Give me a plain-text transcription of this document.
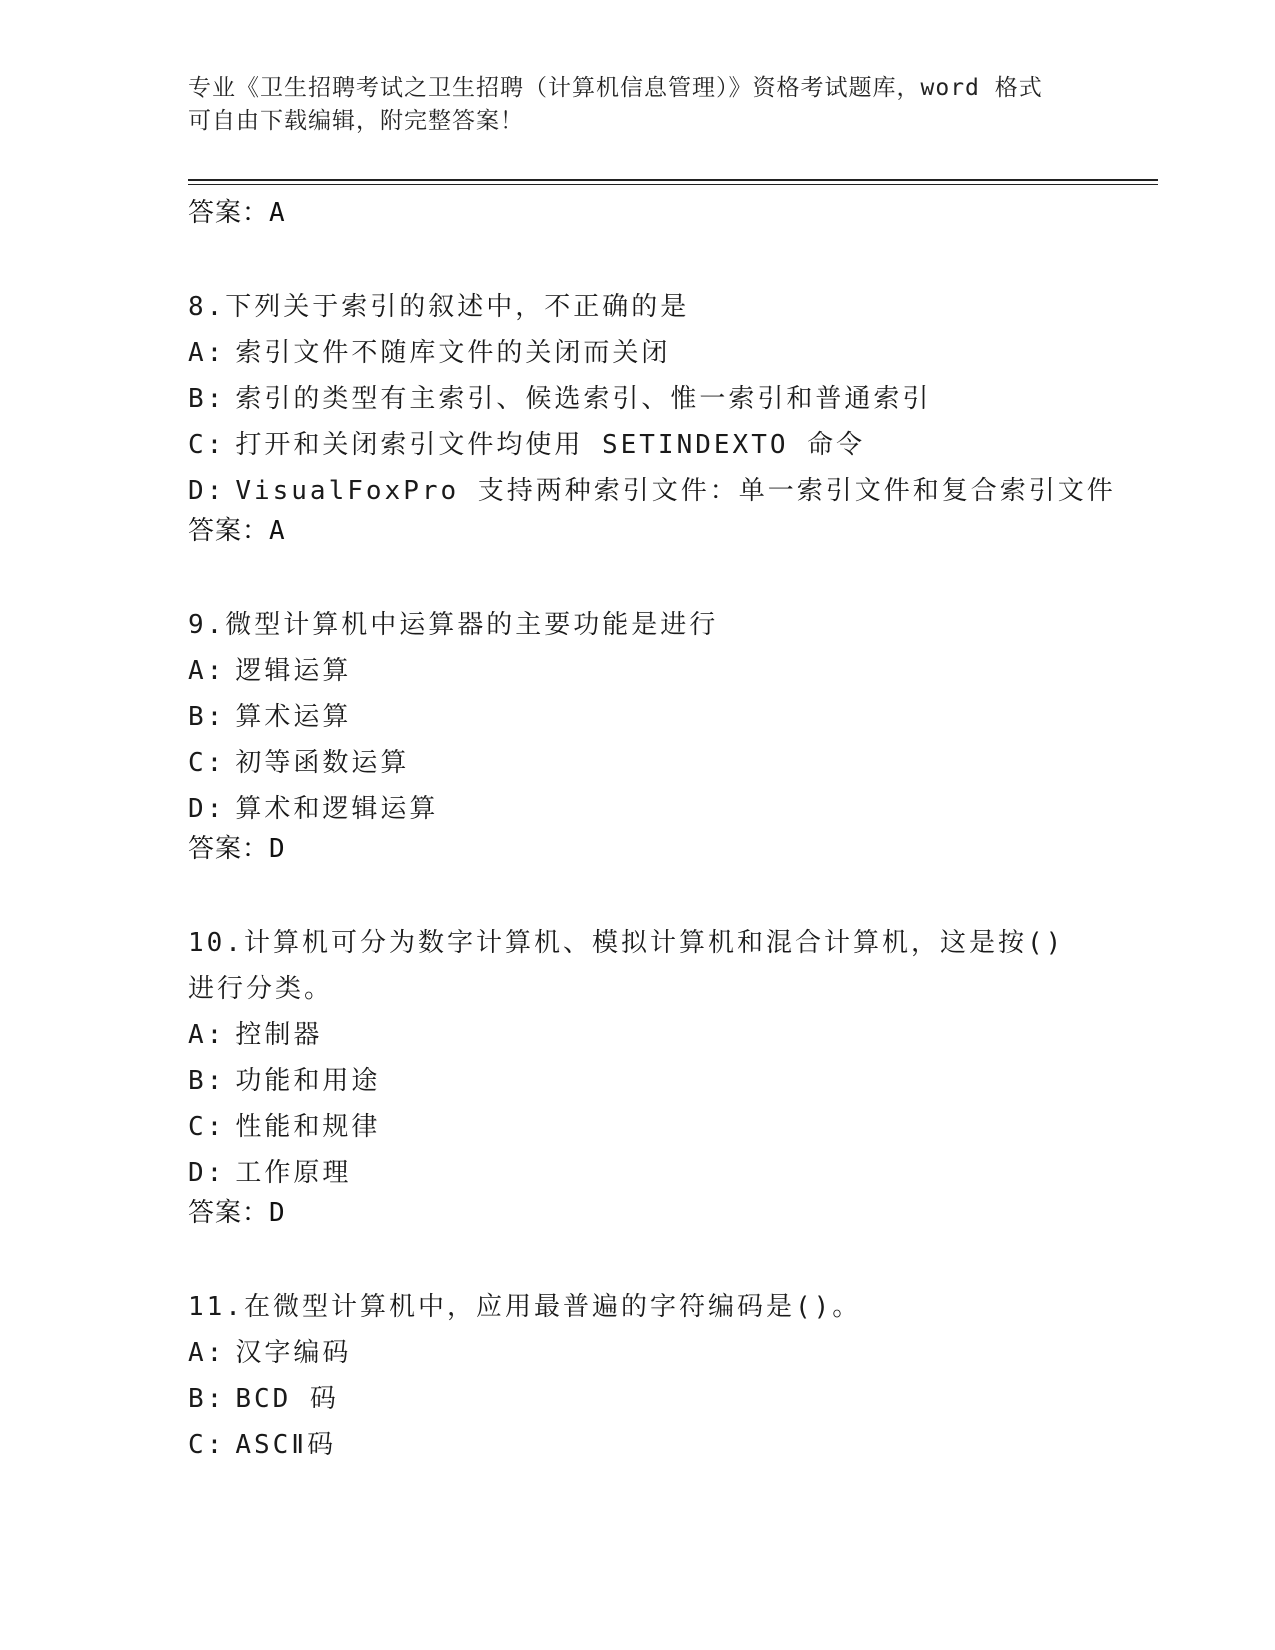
专业《卫生招聘考试之卫生招聘（计算机信息管理）》资格考试题库，word 格式
可自由下载编辑，附完整答案！
答案：A
8.下列关于索引的叙述中，不正确的是
A: 索引文件不随库文件的关闭而关闭
B: 索引的类型有主索引、候选索引、惟一索引和普通索引
C: 打开和关闭索引文件均使用 SETINDEXTO 命令
D: VisualFoxPro 支持两种索引文件：单一索引文件和复合索引文件
答案：A
9.微型计算机中运算器的主要功能是进行
A: 逻辑运算
B: 算术运算
C: 初等函数运算
D: 算术和逻辑运算
答案：D
10.计算机可分为数字计算机、模拟计算机和混合计算机，这是按()进行分类。
A: 控制器
B: 功能和用途
C: 性能和规律
D: 工作原理
答案：D
11.在微型计算机中，应用最普遍的字符编码是()。
A: 汉字编码
B: BCD 码
C: ASCⅡ码
